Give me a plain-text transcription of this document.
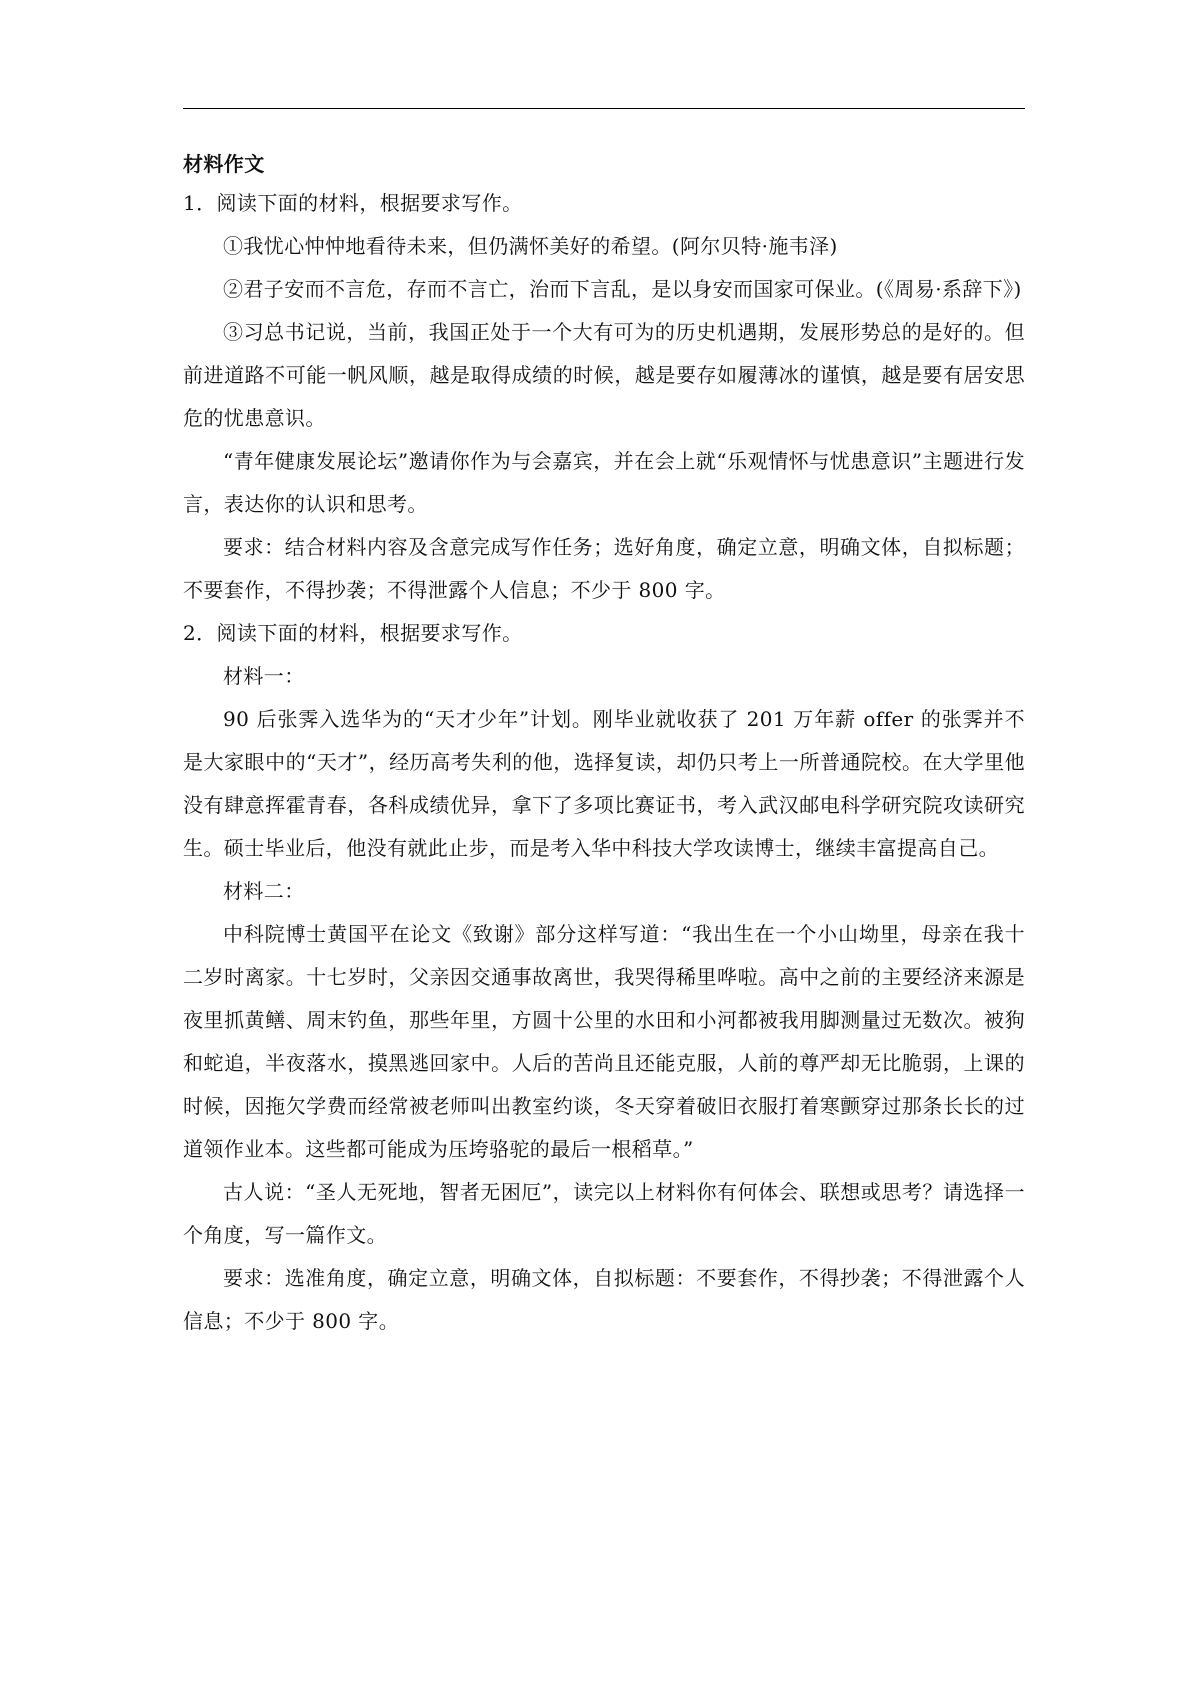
材料作文

1．阅读下面的材料，根据要求写作。

①我忧心忡忡地看待未来，但仍满怀美好的希望。(阿尔贝特·施韦泽)

②君子安而不言危，存而不言亡，治而下言乱，是以身安而国家可保业。(《周易·系辞下》)

③习总书记说，当前，我国正处于一个大有可为的历史机遇期，发展形势总的是好的。但前进道路不可能一帆风顺，越是取得成绩的时候，越是要存如履薄冰的谨慎，越是要有居安思危的忧患意识。

“青年健康发展论坛”邀请你作为与会嘉宾，并在会上就“乐观情怀与忧患意识”主题进行发言，表达你的认识和思考。

要求：结合材料内容及含意完成写作任务；选好角度，确定立意，明确文体，自拟标题；不要套作，不得抄袭；不得泄露个人信息；不少于 800 字。

2．阅读下面的材料，根据要求写作。

材料一：

90 后张霁入选华为的“天才少年”计划。刚毕业就收获了 201 万年薪 offer 的张霁并不是大家眼中的“天才”，经历高考失利的他，选择复读，却仍只考上一所普通院校。在大学里他没有肆意挥霍青春，各科成绩优异，拿下了多项比赛证书，考入武汉邮电科学研究院攻读研究生。硕士毕业后，他没有就此止步，而是考入华中科技大学攻读博士，继续丰富提高自己。

材料二：

中科院博士黄国平在论文《致谢》部分这样写道：“我出生在一个小山坳里，母亲在我十二岁时离家。十七岁时，父亲因交通事故离世，我哭得稀里哗啦。高中之前的主要经济来源是夜里抓黄鳝、周末钓鱼，那些年里，方圆十公里的水田和小河都被我用脚测量过无数次。被狗和蛇追，半夜落水，摸黑逃回家中。人后的苦尚且还能克服，人前的尊严却无比脆弱，上课的时候，因拖欠学费而经常被老师叫出教室约谈，冬天穿着破旧衣服打着寒颤穿过那条长长的过道领作业本。这些都可能成为压垮骆驼的最后一根稻草。”

古人说：“圣人无死地，智者无困厄”，读完以上材料你有何体会、联想或思考？请选择一个角度，写一篇作文。

要求：选准角度，确定立意，明确文体，自拟标题：不要套作，不得抄袭；不得泄露个人信息；不少于 800 字。
